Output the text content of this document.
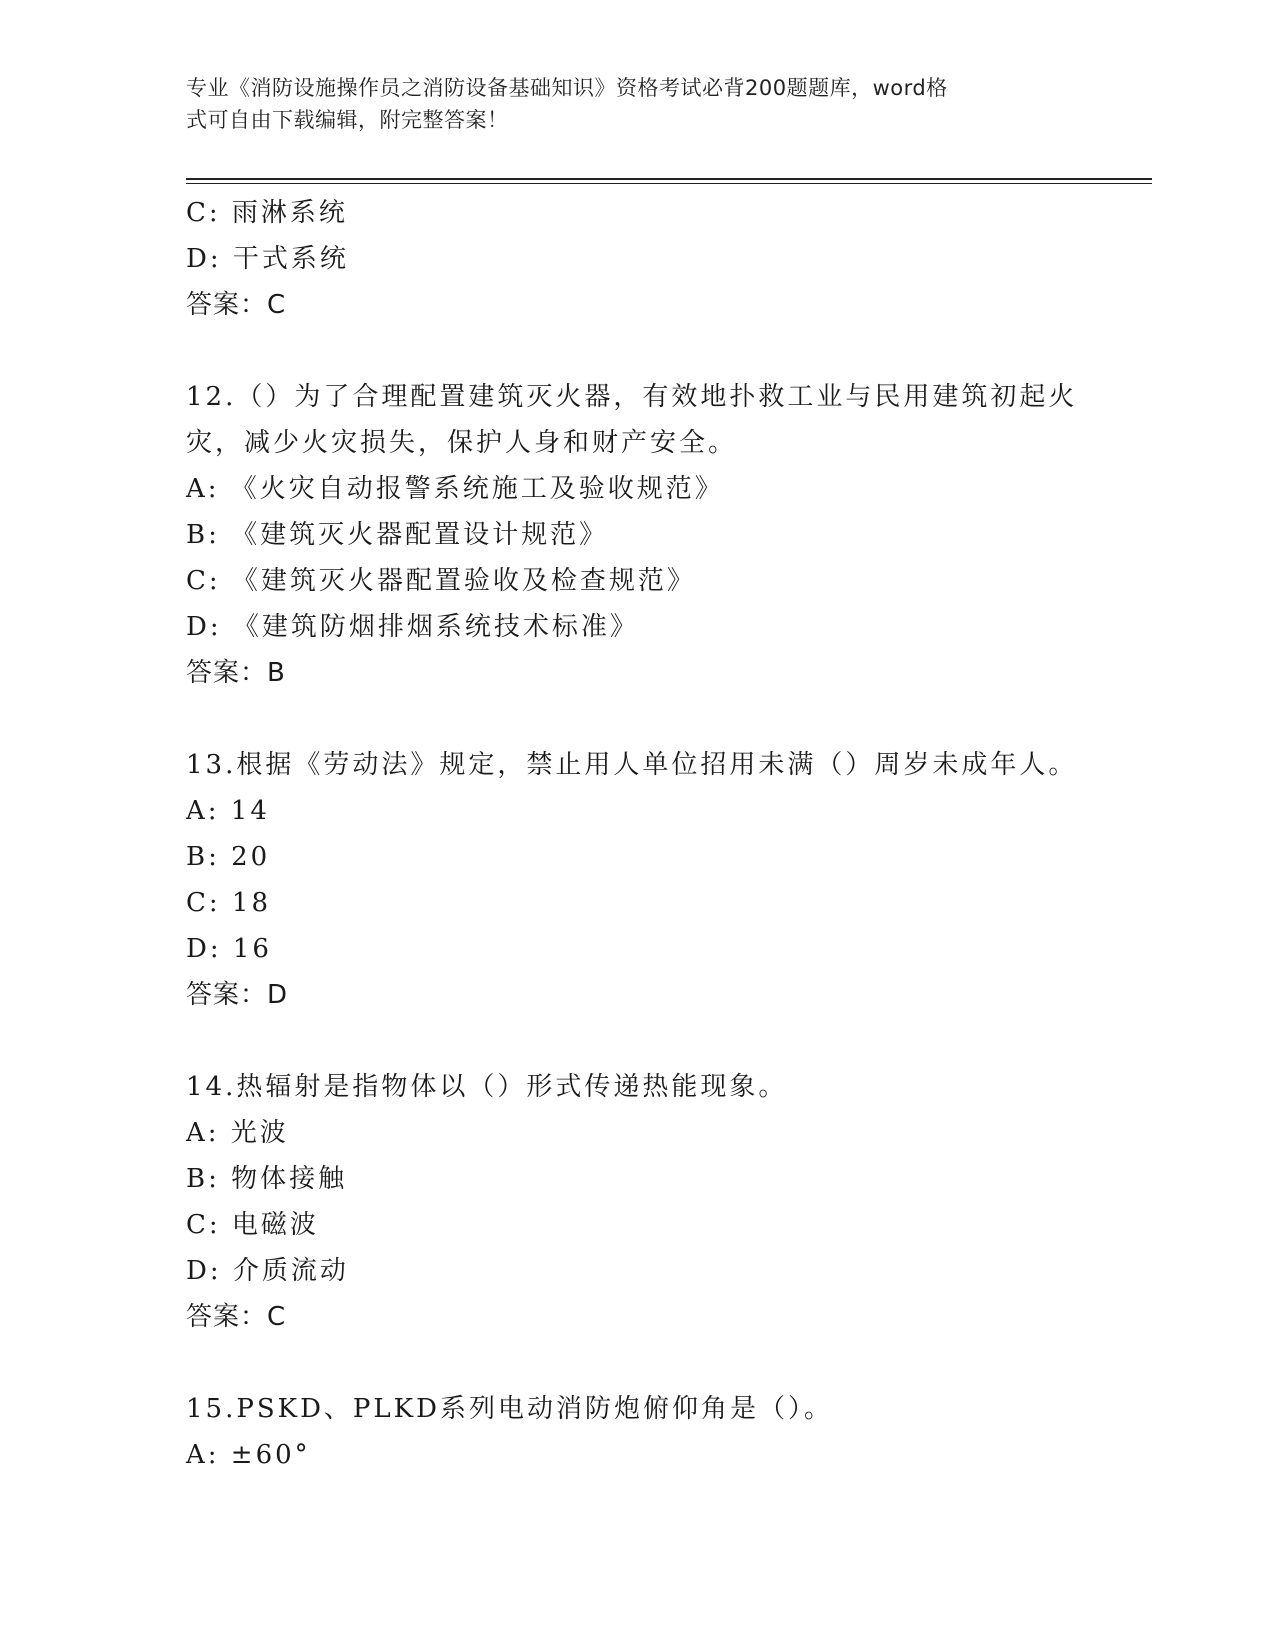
专业《消防设施操作员之消防设备基础知识》资格考试必背200题题库，word格
式可自由下载编辑，附完整答案！
C: 雨淋系统
D: 干式系统
答案：C
12.（）为了合理配置建筑灭火器，有效地扑救工业与民用建筑初起火
灾，减少火灾损失，保护人身和财产安全。
A: 《火灾自动报警系统施工及验收规范》
B: 《建筑灭火器配置设计规范》
C: 《建筑灭火器配置验收及检查规范》
D: 《建筑防烟排烟系统技术标准》
答案：B
13.根据《劳动法》规定，禁止用人单位招用未满（）周岁未成年人。
A: 14
B: 20
C: 18
D: 16
答案：D
14.热辐射是指物体以（）形式传递热能现象。
A: 光波
B: 物体接触
C: 电磁波
D: 介质流动
答案：C
15.PSKD、PLKD系列电动消防炮俯仰角是（）。
A: ±60°
